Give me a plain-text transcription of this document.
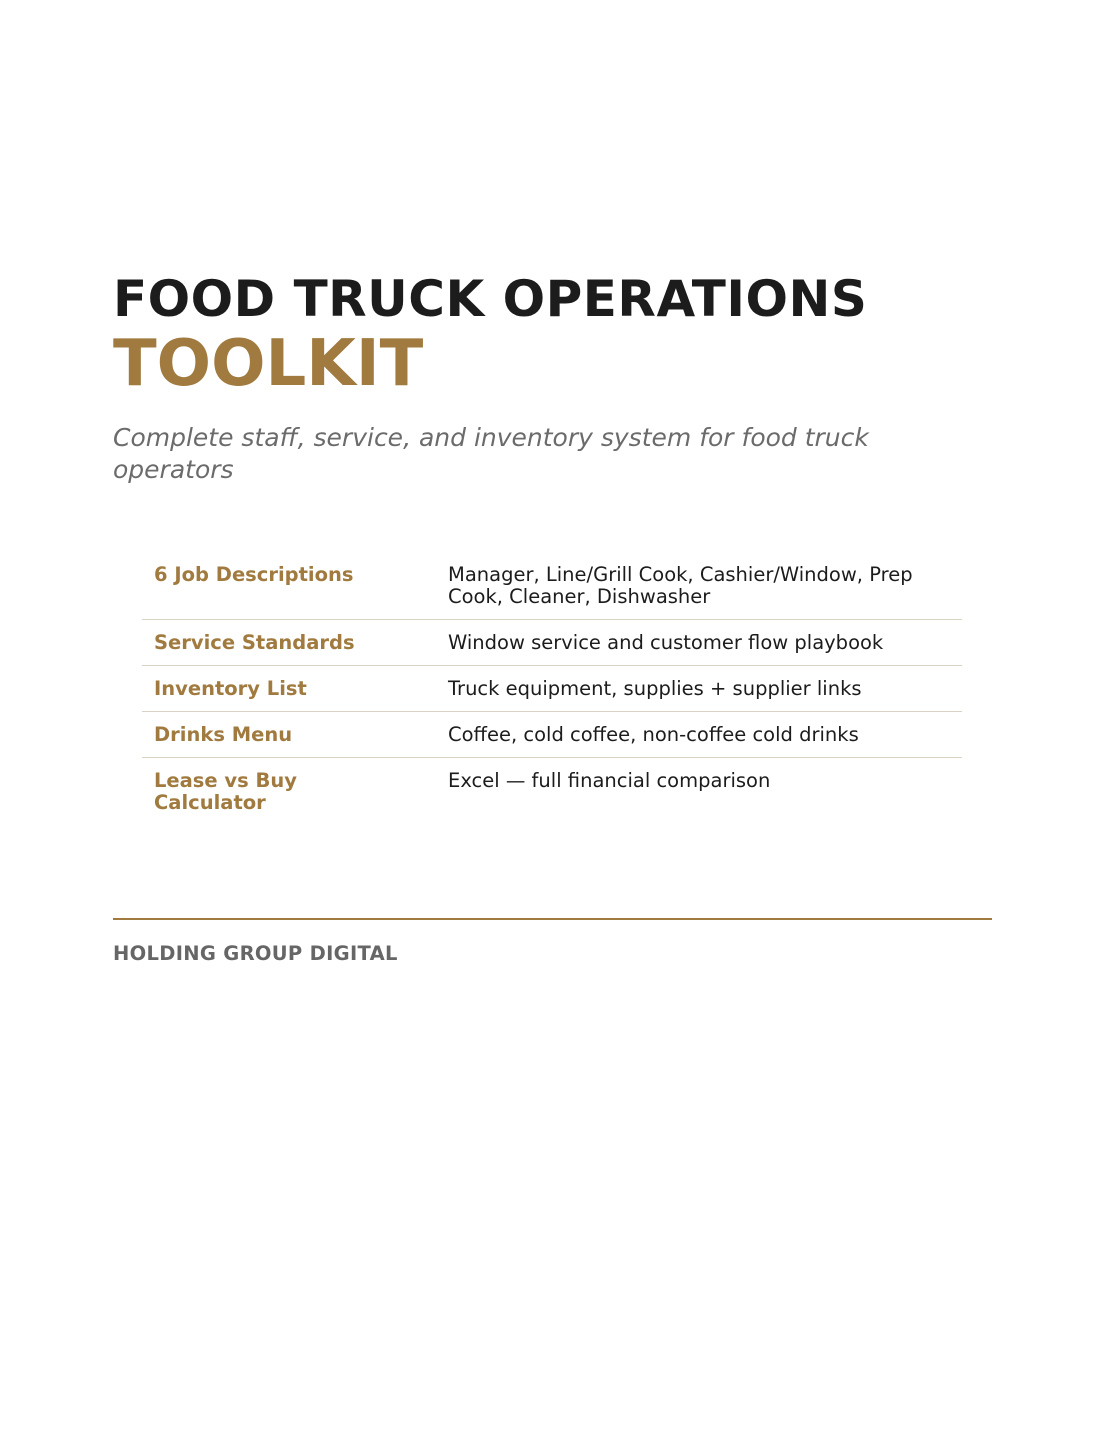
FOOD TRUCK OPERATIONS
TOOLKIT

Complete staff, service, and inventory system for food truck operators

6 Job Descriptions	Manager, Line/Grill Cook, Cashier/Window, Prep Cook, Cleaner, Dishwasher
Service Standards	Window service and customer flow playbook
Inventory List	Truck equipment, supplies + supplier links
Drinks Menu	Coffee, cold coffee, non-coffee cold drinks
Lease vs Buy Calculator	Excel — full financial comparison

HOLDING GROUP DIGITAL
